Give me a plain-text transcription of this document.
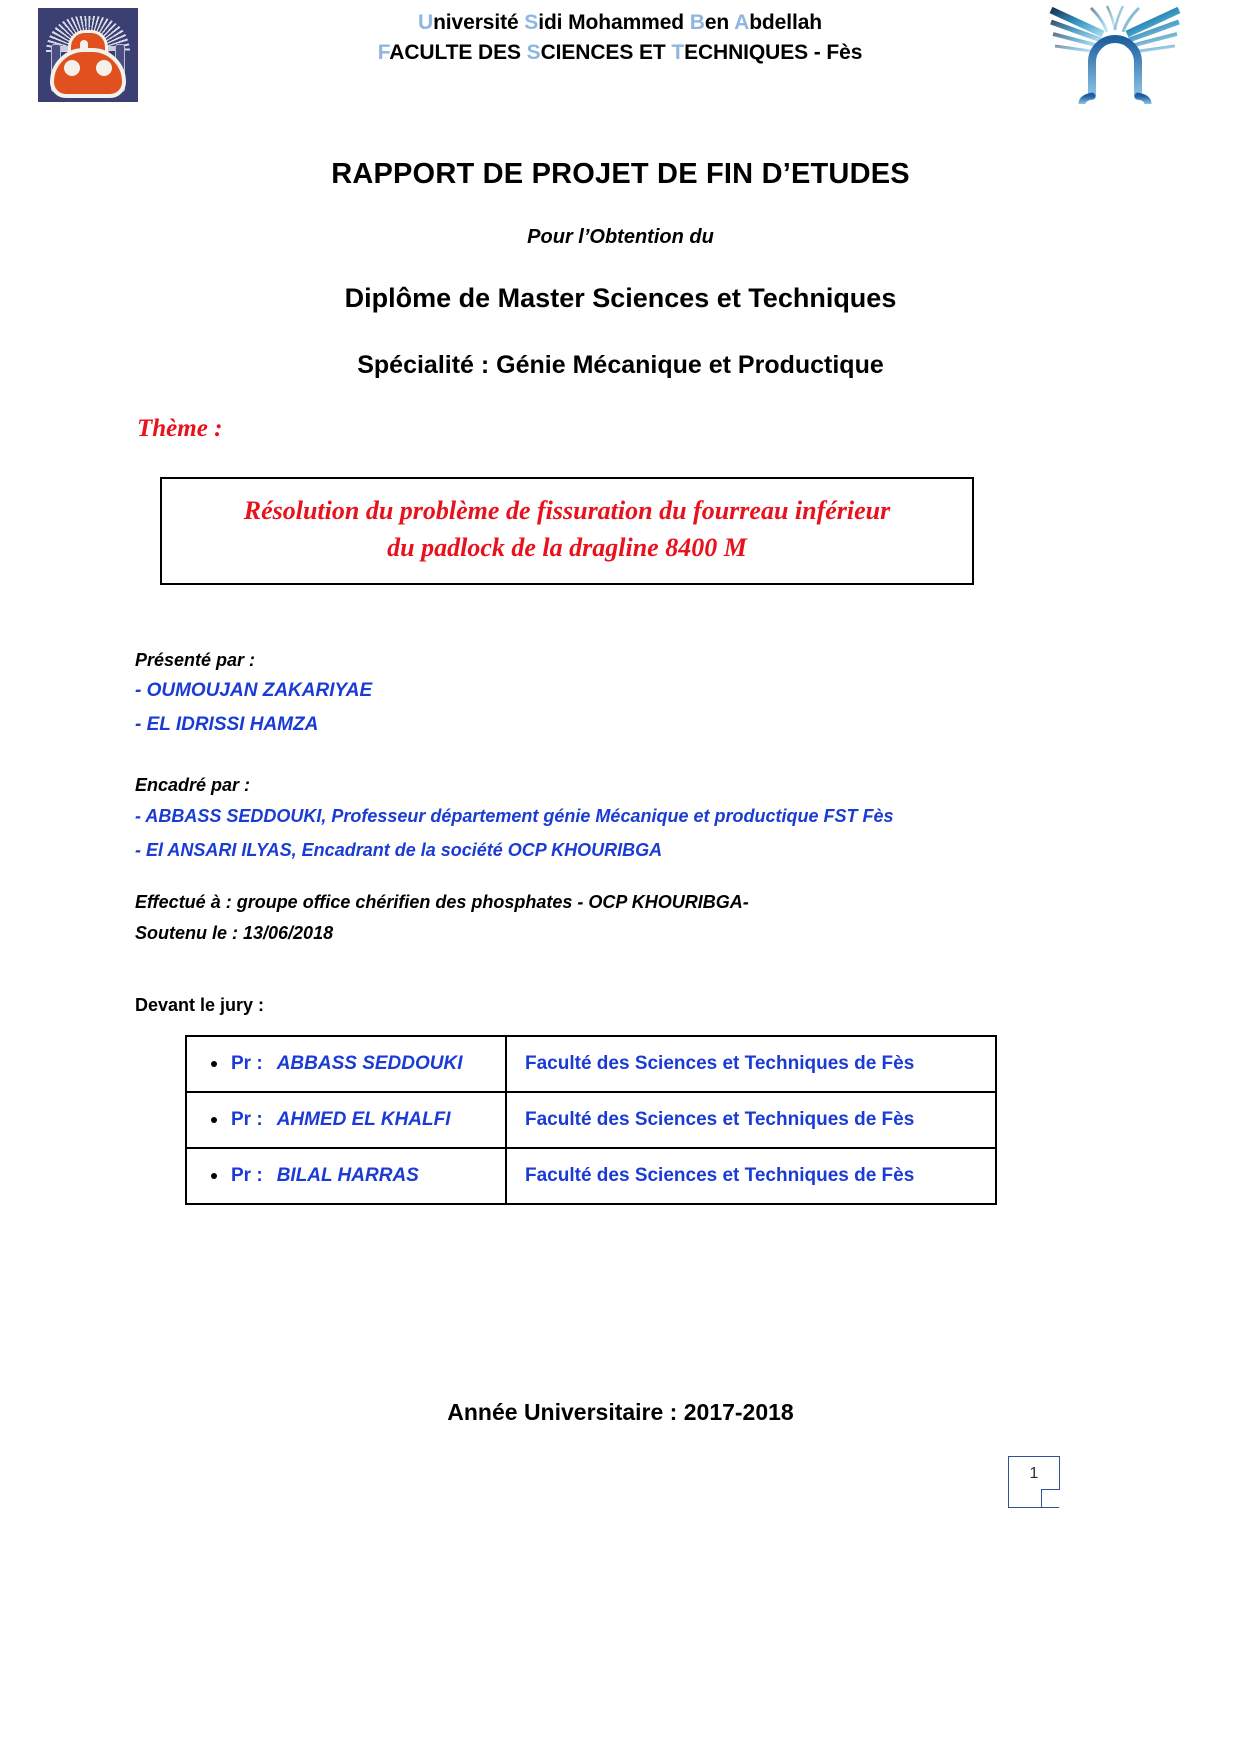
Université Sidi Mohammed Ben Abdellah
FACULTE DES SCIENCES ET TECHNIQUES - Fès
RAPPORT DE PROJET DE FIN D’ETUDES
Pour l’Obtention du
Diplôme de Master Sciences et Techniques
Spécialité : Génie Mécanique et Productique
Thème :
Résolution du problème de fissuration du fourreau inférieur
du padlock de la dragline 8400 M
Présenté par :
- OUMOUJAN ZAKARIYAE
- EL IDRISSI HAMZA
Encadré par :
- ABBASS SEDDOUKI, Professeur département génie Mécanique et productique FST Fès
- El ANSARI ILYAS, Encadrant de la société OCP KHOURIBGA
Effectué à : groupe office chérifien des phosphates - OCP KHOURIBGA-
Soutenu le : 13/06/2018
Devant le jury :
Pr : ABBASS SEDDOUKI	Faculté des Sciences et Techniques de Fès

Pr : AHMED EL KHALFI	Faculté des Sciences et Techniques de Fès

Pr : BILAL HARRAS	Faculté des Sciences et Techniques de Fès
Année Universitaire : 2017-2018
1
